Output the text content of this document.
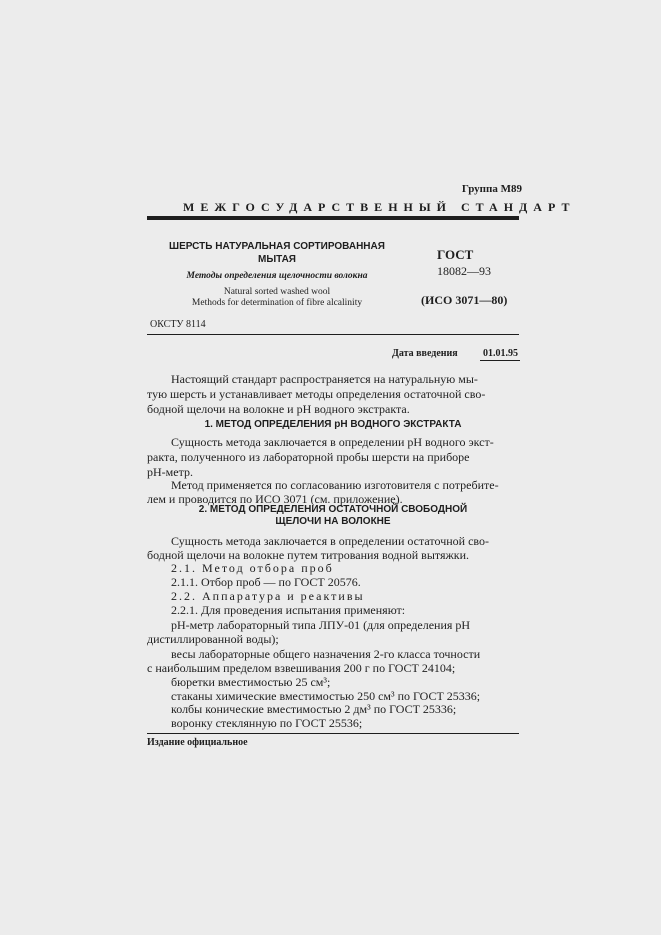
Группа М89
МЕЖГОСУДАРСТВЕННЫЙ СТАНДАРТ
ШЕРСТЬ НАТУРАЛЬНАЯ СОРТИРОВАННАЯ МЫТАЯ
Методы определения щелочности волокна
Natural sorted washed wool
Methods for determination of fibre alcalinity
ГОСТ
18082—93
(ИСО 3071—80)
ОКСТУ 8114
Дата введения	01.01.95
Настоящий стандарт распространяется на натуральную мы-
тую шерсть и устанавливает методы определения остаточной сво-
бодной щелочи на волокне и pH водного экстракта.
1. МЕТОД ОПРЕДЕЛЕНИЯ pH ВОДНОГО ЭКСТРАКТА
Сущность метода заключается в определении pH водного экст-
ракта, полученного из лабораторной пробы шерсти на приборе
pH-метр.
Метод применяется по согласованию изготовителя с потребите-
лем и проводится по ИСО 3071 (см. приложение).
2. МЕТОД ОПРЕДЕЛЕНИЯ ОСТАТОЧНОЙ СВОБОДНОЙ
ЩЕЛОЧИ НА ВОЛОКНЕ
Сущность метода заключается в определении остаточной сво-
бодной щелочи на волокне путем титрования водной вытяжки.
2.1. Метод отбора проб
2.1.1. Отбор проб — по ГОСТ 20576.
2.2. Аппаратура и реактивы
2.2.1. Для проведения испытания применяют:
pH-метр лабораторный типа ЛПУ-01 (для определения pH
дистиллированной воды);
весы лабораторные общего назначения 2-го класса точности
с наибольшим пределом взвешивания 200 г по ГОСТ 24104;
бюретки вместимостью 25 см³;
стаканы химические вместимостью 250 см³ по ГОСТ 25336;
колбы конические вместимостью 2 дм³ по ГОСТ 25336;
воронку стеклянную по ГОСТ 25536;
Издание официальное
